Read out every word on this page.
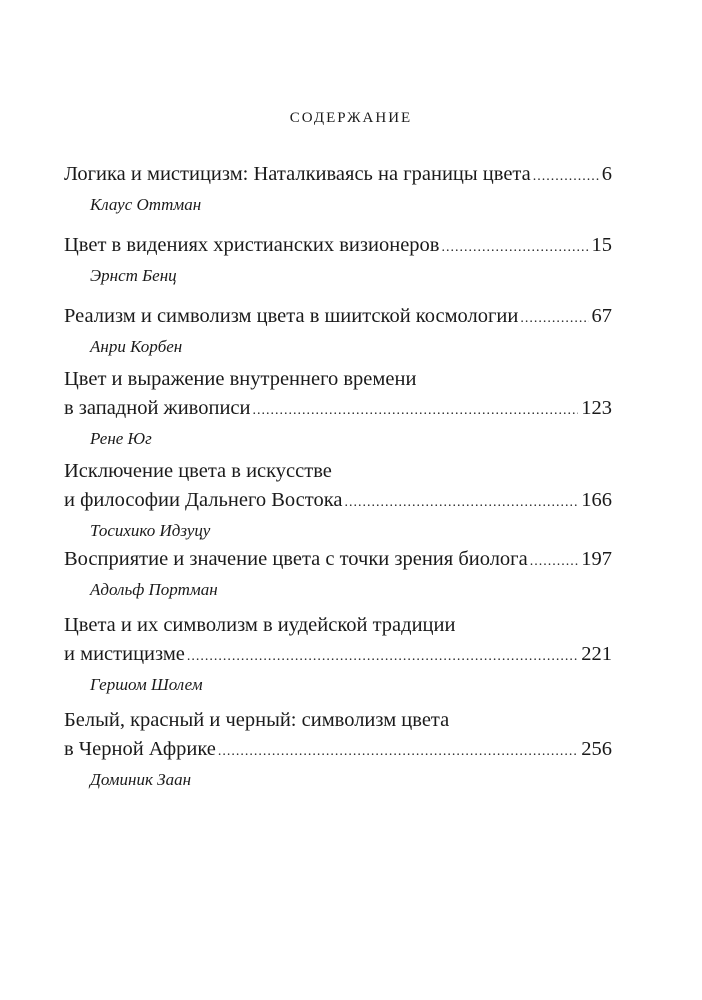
содержание
Логика и мистицизм: Наталкиваясь на границы цвета .....	6
Клаус Оттман
Цвет в видениях христианских визионеров .....	15
Эрнст Бенц
Реализм и символизм цвета в шиитской космологии .....	67
Анри Корбен
Цвет и выражение внутреннего времени
в западной живописи .....	123
Рене Юг
Исключение цвета в искусстве
и философии Дальнего Востока .....	166
Тосихико Идзуцу
Восприятие и значение цвета с точки зрения биолога .....	197
Адольф Портман
Цвета и их символизм в иудейской традиции
и мистицизме .....	221
Гершом Шолем
Белый, красный и черный: символизм цвета
в Черной Африке .....	256
Доминик Заан
